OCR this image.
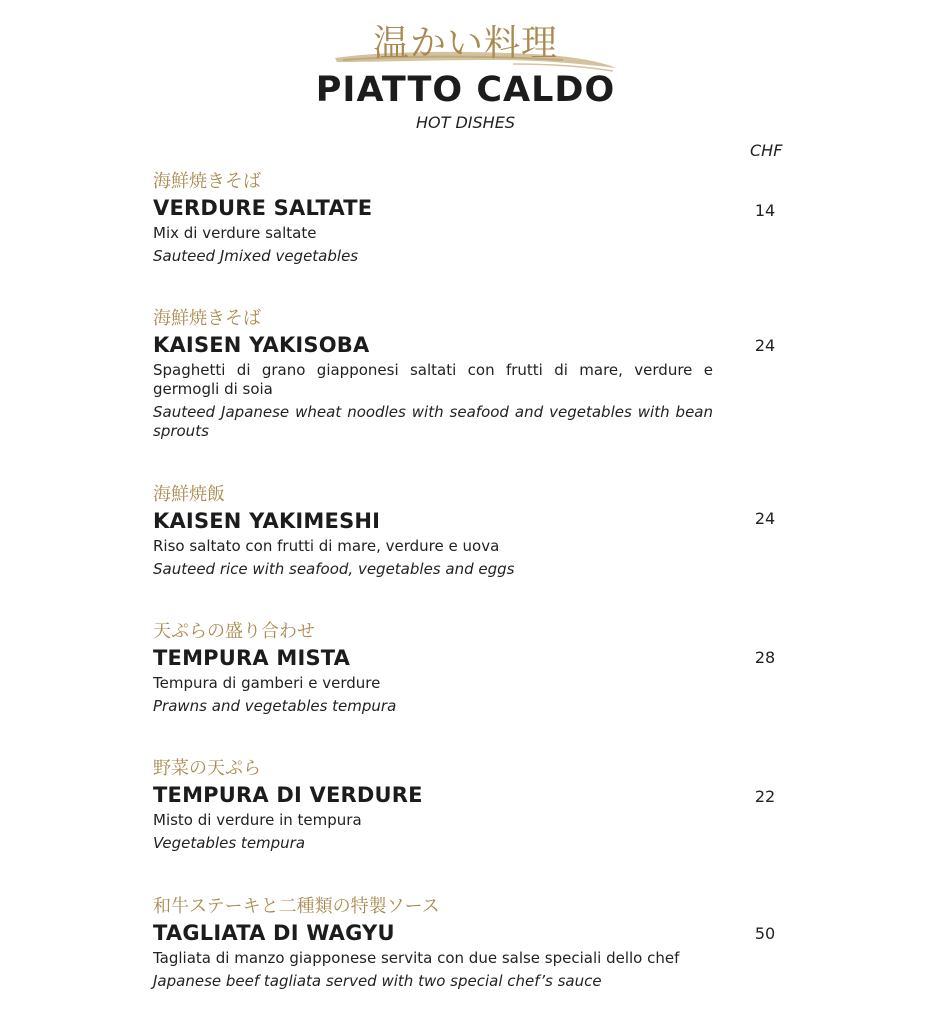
温かい料理
PIATTO CALDO
HOT DISHES
CHF
海鮮焼きそば
VERDURE SALTATE
Mix di verdure saltate
Sauteed Jmixed vegetables
14
海鮮焼きそば
KAISEN YAKISOBA
Spaghetti di grano giapponesi saltati con frutti di mare, verdure e germogli di soia
Sauteed Japanese wheat noodles with seafood and vegetables with bean sprouts
24
海鮮焼飯
KAISEN YAKIMESHI
Riso saltato con frutti di mare, verdure e uova
Sauteed rice with seafood, vegetables and eggs
24
天ぷらの盛り合わせ
TEMPURA MISTA
Tempura di gamberi e verdure
Prawns and vegetables tempura
28
野菜の天ぷら
TEMPURA DI VERDURE
Misto di verdure in tempura
Vegetables tempura
22
和牛ステーキと二種類の特製ソース
TAGLIATA DI WAGYU
Tagliata di manzo giapponese servita con due salse speciali dello chef
Japanese beef tagliata served with two special chef’s sauce
50
